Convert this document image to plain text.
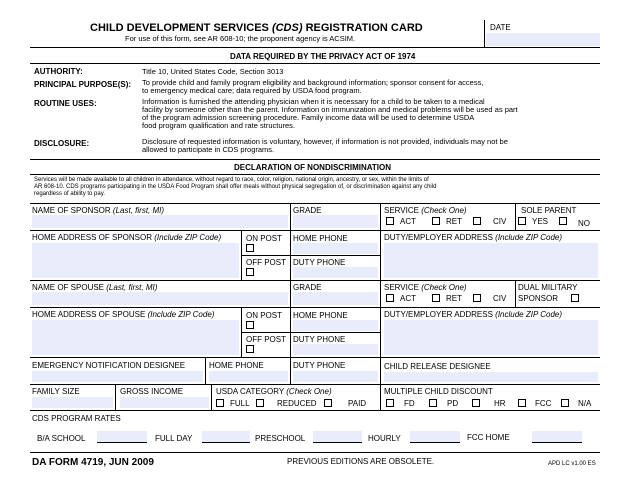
CHILD DEVELOPMENT SERVICES (CDS) REGISTRATION CARD
For use of this form, see AR 608-10; the proponent agency is ACSIM.
DATE
DATA REQUIRED BY THE PRIVACY ACT OF 1974
AUTHORITY:	Title 10, United States Code, Section 3013
PRINCIPAL PURPOSE(S): To provide child and family program eligibility and background information; sponsor consent for access,
to emergency medical care; data required by USDA food program.
ROUTINE USES:	Information is furnished the attending physician when it is necessary for a child to be taken to a medical
facility by someone other than the parent. Information on immunization and medical problems will be used as part
of the program admission screening procedure. Family income data will be used to determine USDA
food program qualification and rate structures.
DISCLOSURE:	Disclosure of requested information is voluntary, however, if information is not provided, individuals may not be
allowed to participate in CDS programs.
DECLARATION OF NONDISCRIMINATION
Services will be made available to all children in attendance, without regard to race, color, religion, national origin, ancestry, or sex, within the limits of
AR 608-10. CDS programs participating in the USDA Food Program shall offer meals without physical segregation of, or discrimination against any child
regardless of ability to pay.
NAME OF SPONSOR (Last, first, MI)	GRADE	SERVICE (Check One)
ACT	RET	CIV
SOLE PARENT
YES	NO
HOME ADDRESS OF SPONSOR (Include ZIP Code)	ON POST
OFF POST
HOME PHONE
DUTY PHONE
DUTY/EMPLOYER ADDRESS (Include ZIP Code)
NAME OF SPOUSE (Last, first, MI)	GRADE	SERVICE (Check One)
ACT	RET	CIV
DUAL MILITARY
SPONSOR
HOME ADDRESS OF SPOUSE (Include ZIP Code)	ON POST
OFF POST
HOME PHONE
DUTY PHONE
DUTY/EMPLOYER ADDRESS (Include ZIP Code)
EMERGENCY NOTIFICATION DESIGNEE	HOME PHONE	DUTY PHONE	CHILD RELEASE DESIGNEE
FAMILY SIZE	GROSS INCOME	USDA CATEGORY (Check One)
FULL	REDUCED	PAID
MULTIPLE CHILD DISCOUNT
FD	PD	HR	FCC	N/A
CDS PROGRAM RATES
B/A SCHOOL	FULL DAY	PRESCHOOL	HOURLY	FCC HOME
DA FORM 4719, JUN 2009	PREVIOUS EDITIONS ARE OBSOLETE.	APD LC v1.00 ES
